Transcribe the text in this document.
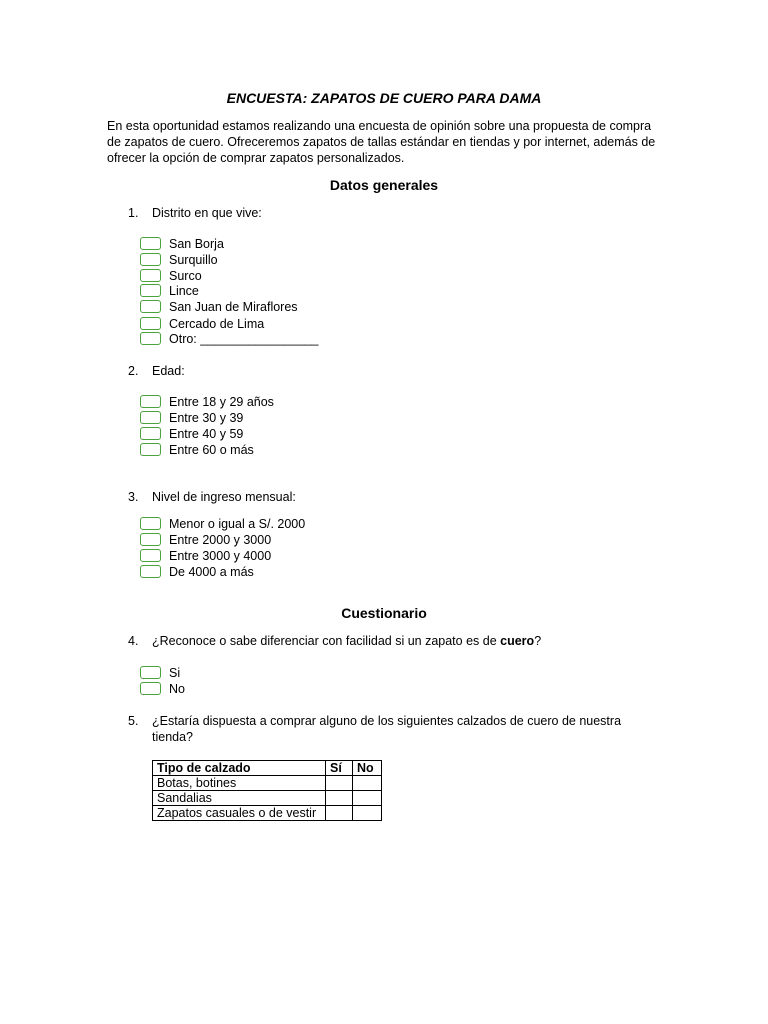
ENCUESTA: ZAPATOS DE CUERO PARA DAMA

En esta oportunidad estamos realizando una encuesta de opinión sobre una propuesta de compra de zapatos de cuero. Ofreceremos zapatos de tallas estándar en tiendas y por internet, además de ofrecer la opción de comprar zapatos personalizados.

Datos generales
1. Distrito en que vive:
San Borja
Surquillo
Surco
Lince
San Juan de Miraflores
Cercado de Lima
Otro: _________________
2. Edad:
Entre 18 y 29 años
Entre 30 y 39
Entre 40 y 59
Entre 60 o más
3. Nivel de ingreso mensual:
Menor o igual a S/. 2000
Entre 2000 y 3000
Entre 3000 y 4000
De 4000 a más
Cuestionario
4. ¿Reconoce o sabe diferenciar con facilidad si un zapato es de cuero?
Si
No
5. ¿Estaría dispuesta a comprar alguno de los siguientes calzados de cuero de nuestra tienda?
Tipo de calzado	Sí	No
Botas, botines		
Sandalias		
Zapatos casuales o de vestir		
